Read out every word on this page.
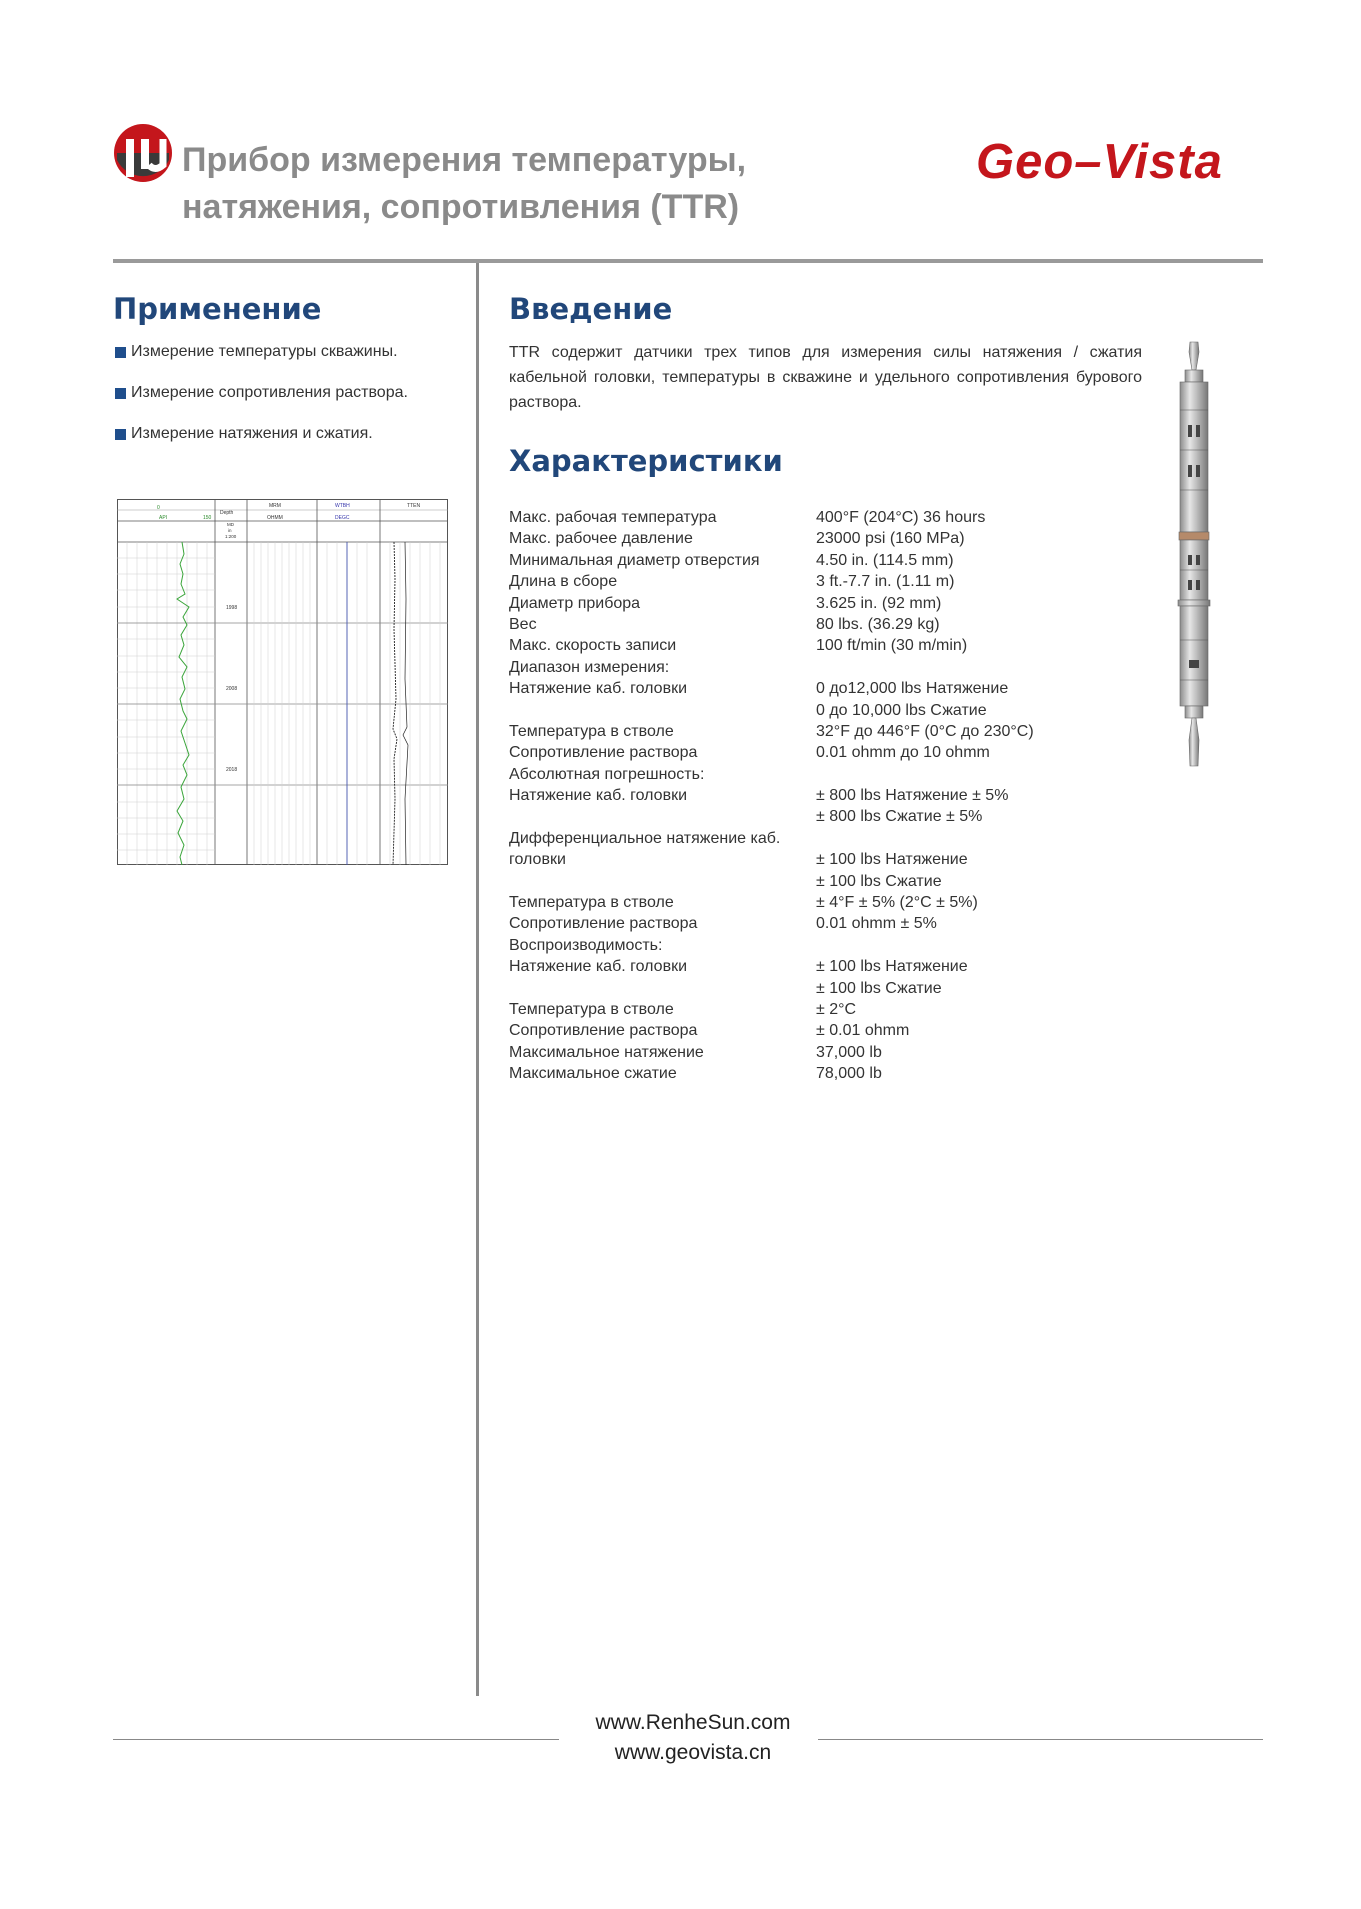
Прибор измерения температуры,
натяжения, сопротивления (TTR)
Geo–Vista
Применение
Измерение температуры скважины.
Измерение сопротивления раствора.
Измерение натяжения и сжатия.
0
API	150
Depth
MD
in
1:200
MRM
OHMM
WTBH
DEGC
TTEN
1998
2008
2018
Введение
TTR содержит датчики трех типов для измерения силы натяжения / сжатия кабельной головки, температуры в скважине и удельного сопротивления бурового раствора.
Характеристики
Макс. рабочая температура	400°F (204°C) 36 hours
Макс. рабочее давление	23000 psi (160 MPa)
Минимальная диаметр отверстия	4.50 in. (114.5 mm)
Длина в сборе	3 ft.-7.7 in. (1.11 m)
Диаметр прибора	3.625 in. (92 mm)
Вес	80 lbs. (36.29 kg)
Макс. скорость записи	100 ft/min (30 m/min)
Диапазон измерения:
Натяжение каб. головки	0 до12,000 lbs Натяжение
0 до 10,000 lbs Сжатие
Температура в стволе	32°F до 446°F (0°C до 230°C)
Сопротивление раствора	0.01 ohmm до 10 ohmm
Абсолютная погрешность:
Натяжение каб. головки	± 800 lbs Натяжение ± 5%
± 800 lbs Сжатие ± 5%
Дифференциальное натяжение каб.
головки	± 100 lbs Натяжение
± 100 lbs Сжатие
Температура в стволе	± 4°F ± 5% (2°C ± 5%)
Сопротивление раствора	0.01 ohmm ± 5%
Воспроизводимость:
Натяжение каб. головки	± 100 lbs Натяжение
± 100 lbs Сжатие
Температура в стволе	± 2°C
Сопротивление раствора	± 0.01 ohmm
Максимальное натяжение	37,000 lb
Максимальное сжатие	78,000 lb
www.RenheSun.com
www.geovista.cn
